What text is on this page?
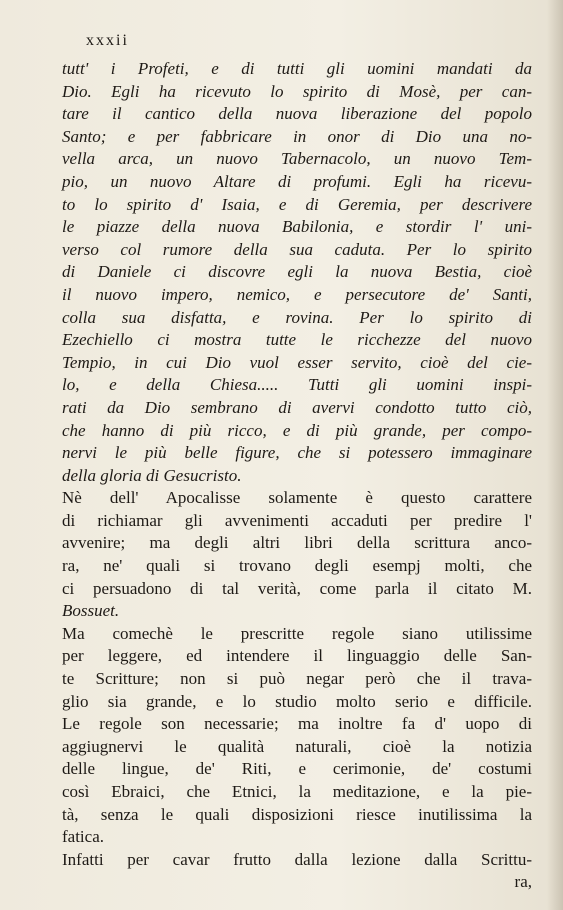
xxxii
tutt' i Profeti, e di tutti gli uomini mandati da
Dio. Egli ha ricevuto lo spirito di Mosè, per can-
tare il cantico della nuova liberazione del popolo
Santo; e per fabbricare in onor di Dio una no-
vella arca, un nuovo Tabernacolo, un nuovo Tem-
pio, un nuovo Altare di profumi. Egli ha ricevu-
to lo spirito d' Isaia, e di Geremia, per descrivere
le piazze della nuova Babilonia, e stordir l' uni-
verso col rumore della sua caduta. Per lo spirito
di Daniele ci discovre egli la nuova Bestia, cioè
il nuovo impero, nemico, e persecutore de' Santi,
colla sua disfatta, e rovina. Per lo spirito di
Ezechiello ci mostra tutte le ricchezze del nuovo
Tempio, in cui Dio vuol esser servito, cioè del cie-
lo, e della Chiesa..... Tutti gli uomini inspi-
rati da Dio sembrano di avervi condotto tutto ciò,
che hanno di più ricco, e di più grande, per compo-
nervi le più belle figure, che si potessero immaginare
della gloria di Gesucristo.
Nè dell' Apocalisse solamente è questo carattere
di richiamar gli avvenimenti accaduti per predire l'
avvenire; ma degli altri libri della scrittura anco-
ra, ne' quali si trovano degli esempj molti, che
ci persuadono di tal verità, come parla il citato M.
Bossuet.
Ma comechè le prescritte regole siano utilissime
per leggere, ed intendere il linguaggio delle San-
te Scritture; non si può negar però che il trava-
glio sia grande, e lo studio molto serio e difficile.
Le regole son necessarie; ma inoltre fa d' uopo di
aggiugnervi le qualità naturali, cioè la notizia
delle lingue, de' Riti, e cerimonie, de' costumi
così Ebraici, che Etnici, la meditazione, e la pie-
tà, senza le quali disposizioni riesce inutilissima la
fatica.
Infatti per cavar frutto dalla lezione dalla Scrittu-
ra,
